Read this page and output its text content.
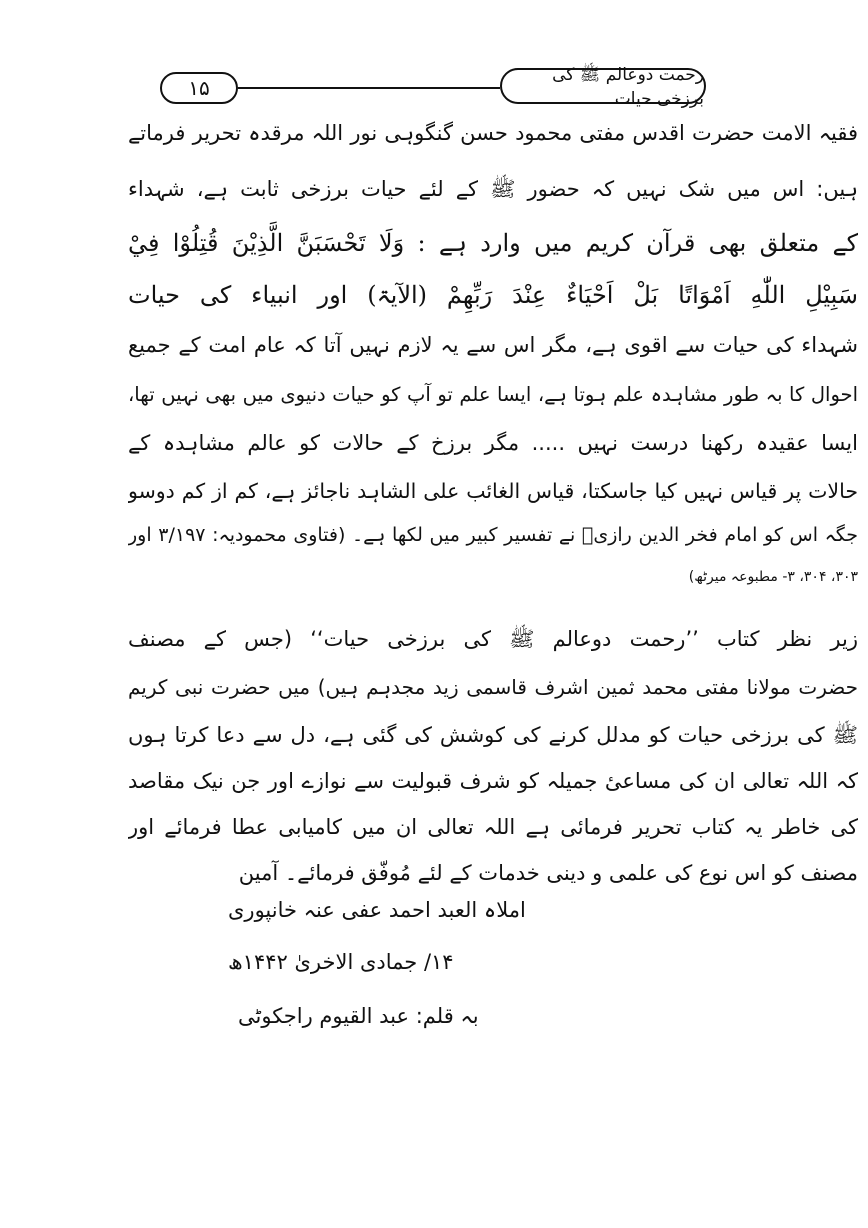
۱۵
رحمت دوعالم ﷺ کی برزخی حیات
فقیہ الامت حضرت اقدس مفتی محمود حسن گنگوہی نور اللہ مرقدہ تحریر فرماتے
ہیں: اس میں شک نہیں کہ حضور ﷺ کے لئے حیات برزخی ثابت ہے، شہداء
کے متعلق بھی قرآن کریم میں وارد ہے : وَلَا تَحْسَبَنَّ الَّذِيْنَ قُتِلُوْا فِيْ
سَبِيْلِ اللّٰهِ اَمْوَاتًا بَلْ اَحْيَاءٌ عِنْدَ رَبِّهِمْ (الآیۃ) اور انبیاء کی حیات
شہداء کی حیات سے اقوی ہے، مگر اس سے یہ لازم نہیں آتا کہ عام امت کے جمیع
احوال کا بہ طور مشاہدہ علم ہوتا ہے، ایسا علم تو آپ کو حیات دنیوی میں بھی نہیں تھا،
ایسا عقیدہ رکھنا درست نہیں ..... مگر برزخ کے حالات کو عالم مشاہدہ کے
حالات پر قیاس نہیں کیا جاسکتا، قیاس الغائب علی الشاہد ناجائز ہے، کم از کم دوسو
جگہ اس کو امام فخر الدین رازیؒ نے تفسیر کبیر میں لکھا ہے۔ (فتاوی محمودیہ: ۳/۱۹۷ اور
۳۰۳، ۳۰۴، ۳- مطبوعہ میرٹھ)
زیر نظر کتاب ’’رحمت دوعالم ﷺ کی برزخی حیات‘‘ (جس کے مصنف
حضرت مولانا مفتی محمد ثمین اشرف قاسمی زید مجدہم ہیں) میں حضرت نبی کریم
ﷺ کی برزخی حیات کو مدلل کرنے کی کوشش کی گئی ہے، دل سے دعا کرتا ہوں
کہ اللہ تعالی ان کی مساعیٔ جمیلہ کو شرف قبولیت سے نوازے اور جن نیک مقاصد
کی خاطر یہ کتاب تحریر فرمائی ہے اللہ تعالی ان میں کامیابی عطا فرمائے اور
مصنف کو اس نوع کی علمی و دینی خدمات کے لئے مُوفّق فرمائے۔ آمین
املاہ العبد احمد عفی عنہ خانپوری
۱۴/ جمادی الاخریٰ ۱۴۴۲ھ
بہ قلم: عبد القیوم راجکوٹی
